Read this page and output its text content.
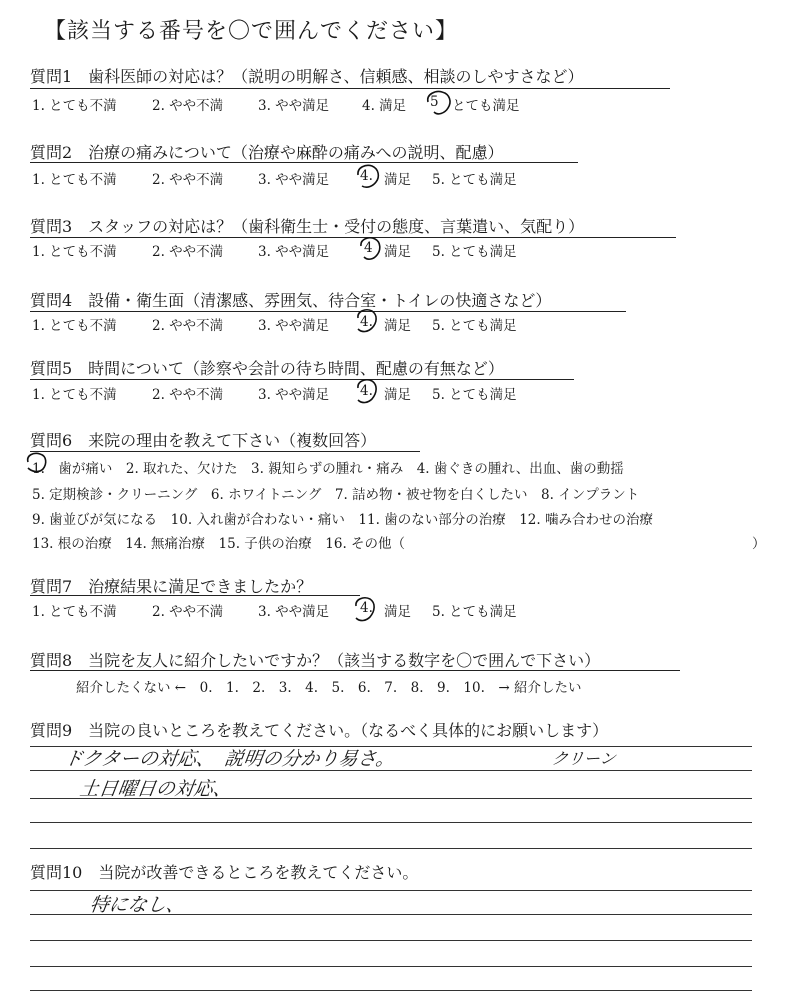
【該当する番号を〇で囲んでください】
質問1　歯科医師の対応は？（説明の明解さ、信頼感、相談のしやすさなど）
1. とても不満	2. やや不満	3. やや満足 4. 満足 5 とても満足
質問2　治療の痛みについて（治療や麻酔の痛みへの説明、配慮）
1. とても不満	2. やや不満	3. やや満足 4. 満足 5. とても満足
質問3　スタッフの対応は？（歯科衛生士・受付の態度、言葉遣い、気配り）
1. とても不満	2. やや不満	3. やや満足	4 満足 5. とても満足
質問4　設備・衛生面（清潔感、雰囲気、待合室・トイレの快適さなど）
1. とても不満	2. やや不満	3. やや満足 4. 満足 5. とても満足
質問5　時間について（診察や会計の待ち時間、配慮の有無など）
1. とても不満	2. やや不満	3. やや満足 4. 満足 5. とても満足
質問6　来院の理由を教えて下さい（複数回答）
1.　歯が痛い　2. 取れた、欠けた　3. 親知らずの腫れ・痛み　4. 歯ぐきの腫れ、出血、歯の動揺
5. 定期検診・クリーニング　6. ホワイトニング　7. 詰め物・被せ物を白くしたい　8. インプラント
9. 歯並びが気になる　10. 入れ歯が合わない・痛い　11. 歯のない部分の治療　12. 噛み合わせの治療
13. 根の治療　14. 無痛治療　15. 子供の治療　16. その他（	）
質問7　治療結果に満足できましたか？
1. とても不満	2. やや不満	3. やや満足 4. 満足 5. とても満足
質問8　当院を友人に紹介したいですか？（該当する数字を〇で囲んで下さい）
紹介したくない ←　0.　1.　2.　3.　4.　5.　6.　7.　8.　9.　10.　→ 紹介したい
質問9　当院の良いところを教えてください。（なるべく具体的にお願いします）
ドクターの対応、　説明の分かり易さ。	クリーン
土日曜日の対応、
質問10　当院が改善できるところを教えてください。
特になし、
